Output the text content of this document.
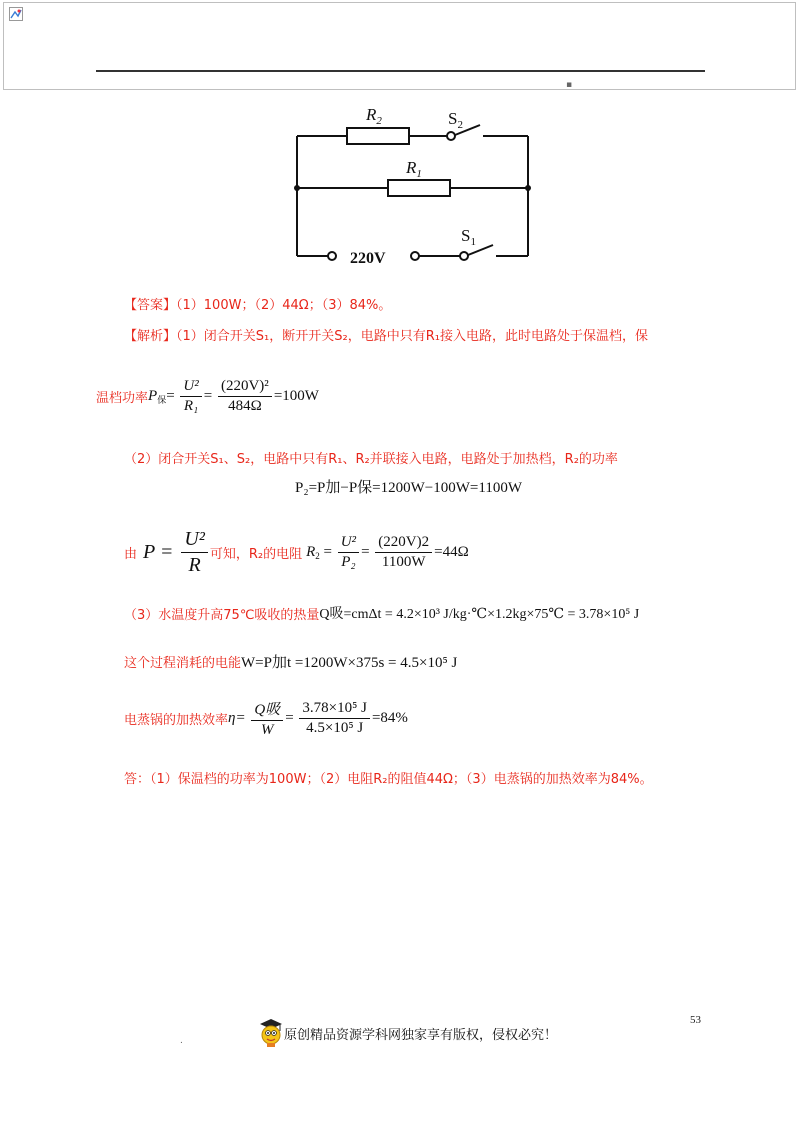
▪
$R_2$	$S_2$
$R_1$
$S_1$
220V
【答案】（1）100W；（2）44Ω；（3）84%。
【解析】（1）闭合开关S₁，断开开关S₂，电路中只有R₁接入电路，此时电路处于保温档，保
温档功率 $P_保= \frac{\text{U²}}{\text{R₁}} = \frac{\text{(220V)²}}{484\Omega} =100W$
（2）闭合开关S₁、S₂，电路中只有R₁、R₂并联接入电路，电路处于加热档，R₂的功率
P₂=P加−P保=1200W−100W=1100W
由 $P = \frac{\text{U²}}{R}$ 可知，R₂的电阻 $R_2 = \frac{\text{U²}}{\text{P₂}} = \frac{(220V)2}{1100W} =44\Omega$
（3）水温度升高75℃吸收的热量 Q吸=cmΔt = 4.2×10³ J/kg·℃×1.2kg×75℃ = 3.78×10⁵ J
这个过程消耗的电能 W=P加t =1200W×375s = 4.5×10⁵ J
电蒸锅的加热效率 $\eta= \frac{\text{Q吸}}{W} = \frac{\text{3.78×10⁵ J}}{\text{4.5×10⁵ J}} =84\%$
答：（1）保温档的功率为100W；（2）电阻R₂的阻值44Ω；（3）电蒸锅的加热效率为84%。
53
.	原创精品资源学科网独家享有版权，侵权必究！
